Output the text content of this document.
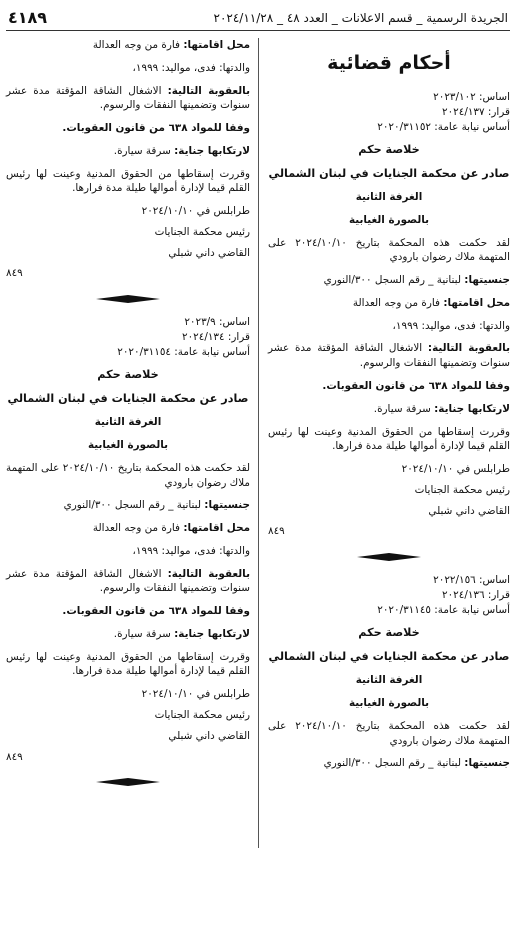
الجريدة الرسمية _ قسم الاعلانات _ العدد ٤٨ _ ٢٠٢٤/١١/٢٨
٤١٨٩
أحكام قضائية

اساس: ٢٠٢٣/١٠٢

قرار: ٢٠٢٤/١٣٧

أساس نيابة عامة: ٢٠٢٠/٣١١٥٢

خلاصة حكم

صادر عن محكمة الجنايات في لبنان الشمالي

الغرفة الثانية

بالصورة الغيابية

لقد حكمت هذه المحكمة بتاريخ ٢٠٢٤/١٠/١٠ على المتهمة ملاك رضوان بارودي

جنسيتها: لبنانية _ رقم السجل ٣٠٠/النوري

محل اقامتها: فارة من وجه العدالة

والدتها: فدى، مواليد: ١٩٩٩،

بالعقوبة التالية: الاشغال الشاقة المؤقتة مدة عشر سنوات وتضمينها النفقات والرسوم.

وفقا للمواد ٦٣٨ من قانون العقوبات.

لارتكابها جناية: سرقة سيارة.

وقررت إسقاطها من الحقوق المدنية وعينت لها رئيس القلم قيما لإدارة أموالها طيلة مدة فرارها.

طرابلس في ٢٠٢٤/١٠/١٠

رئيس محكمة الجنايات

القاضي داني شبلي

٨٤٩

اساس: ٢٠٢٢/١٥٦

قرار: ٢٠٢٤/١٣٦

أساس نيابة عامة: ٢٠٢٠/٣١١٤٥

خلاصة حكم

صادر عن محكمة الجنايات في لبنان الشمالي

الغرفة الثانية

بالصورة الغيابية

لقد حكمت هذه المحكمة بتاريخ ٢٠٢٤/١٠/١٠ على المتهمة ملاك رضوان بارودي

جنسيتها: لبنانية _ رقم السجل ٣٠٠/النوري

محل اقامتها: فارة من وجه العدالة

والدتها: فدى، مواليد: ١٩٩٩،

بالعقوبة التالية: الاشغال الشاقة المؤقتة مدة عشر سنوات وتضمينها النفقات والرسوم.

وفقا للمواد ٦٣٨ من قانون العقوبات.

لارتكابها جناية: سرقة سيارة.

وقررت إسقاطها من الحقوق المدنية وعينت لها رئيس القلم قيما لإدارة أموالها طيلة مدة فرارها.

طرابلس في ٢٠٢٤/١٠/١٠

رئيس محكمة الجنايات

القاضي داني شبلي

٨٤٩

اساس: ٢٠٢٣/٩

قرار: ٢٠٢٤/١٣٤

أساس نيابة عامة: ٢٠٢٠/٣١١٥٤

خلاصة حكم

صادر عن محكمة الجنايات في لبنان الشمالي

الغرفة الثانية

بالصورة الغيابية

لقد حكمت هذه المحكمة بتاريخ ٢٠٢٤/١٠/١٠ على المتهمة ملاك رضوان بارودي

جنسيتها: لبنانية _ رقم السجل ٣٠٠/النوري

محل اقامتها: فارة من وجه العدالة

والدتها: فدى، مواليد: ١٩٩٩،

بالعقوبة التالية: الاشغال الشاقة المؤقتة مدة عشر سنوات وتضمينها النفقات والرسوم.

وفقا للمواد ٦٣٨ من قانون العقوبات.

لارتكابها جناية: سرقة سيارة.

وقررت إسقاطها من الحقوق المدنية وعينت لها رئيس القلم قيما لإدارة أموالها طيلة مدة فرارها.

طرابلس في ٢٠٢٤/١٠/١٠

رئيس محكمة الجنايات

القاضي داني شبلي

٨٤٩
